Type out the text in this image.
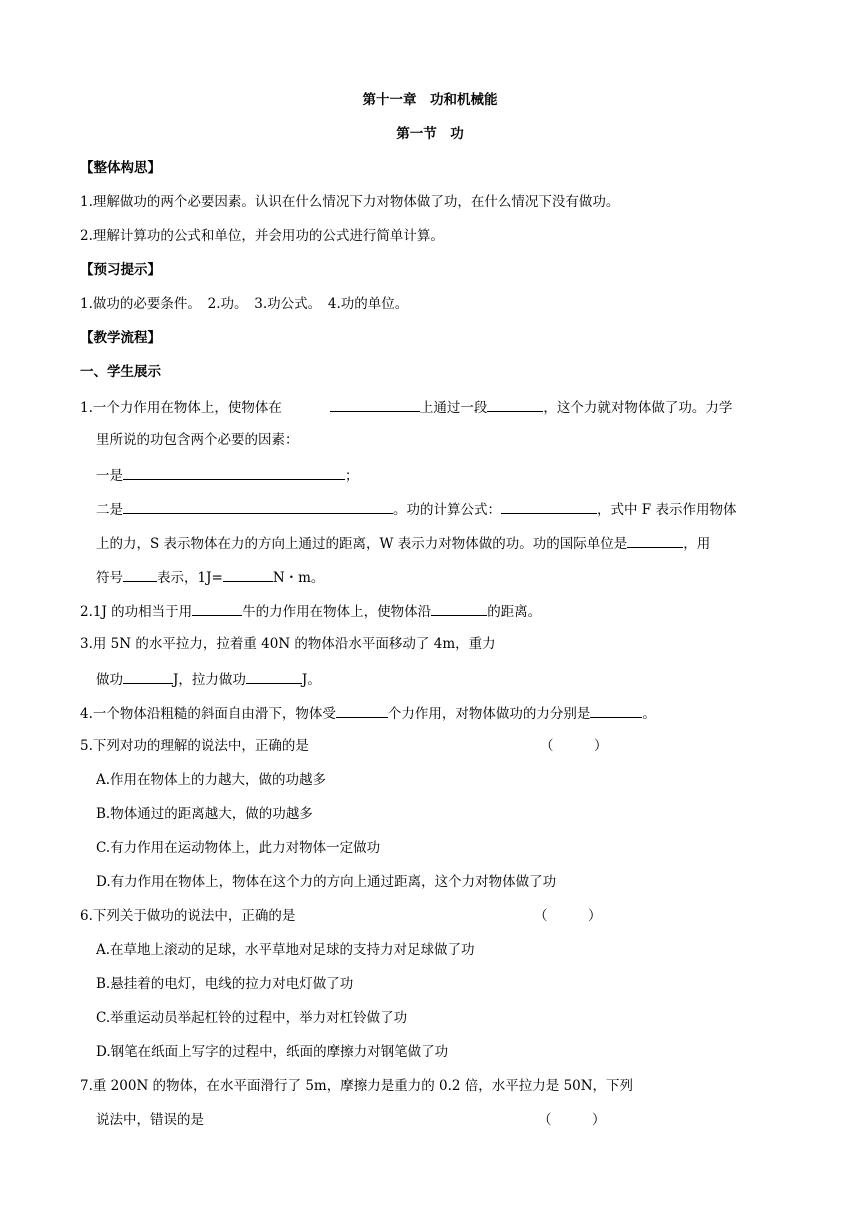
第十一章　功和机械能
第一节　功
【整体构思】
1.理解做功的两个必要因素。认识在什么情况下力对物体做了功，在什么情况下没有做功。
2.理解计算功的公式和单位，并会用功的公式进行简单计算。
【预习提示】
1.做功的必要条件。　2.功。　3.功公式。　4.功的单位。
【教学流程】
一、学生展示
1.一个力作用在物体上，使物体在	上通过一段	，这个力就对物体做了功。力学
里所说的功包含两个必要的因素：
一是	；
二是	。功的计算公式：	，式中 F 表示作用物体
上的力，S 表示物体在力的方向上通过的距离，W 表示力对物体做的功。功的国际单位是	，用
符号	表示，1J=	N・m。
2.1J 的功相当于用	牛的力作用在物体上，使物体沿	的距离。
3.用 5N 的水平拉力，拉着重 40N 的物体沿水平面移动了 4m，重力
做功	J，拉力做功	J。
4.一个物体沿粗糙的斜面自由滑下，物体受	个力作用，对物体做功的力分别是	。
5.下列对功的理解的说法中，正确的是	（　　　）
A.作用在物体上的力越大，做的功越多
B.物体通过的距离越大，做的功越多
C.有力作用在运动物体上，此力对物体一定做功
D.有力作用在物体上，物体在这个力的方向上通过距离，这个力对物体做了功
6.下列关于做功的说法中，正确的是	（　　　）
A.在草地上滚动的足球，水平草地对足球的支持力对足球做了功
B.悬挂着的电灯，电线的拉力对电灯做了功
C.举重运动员举起杠铃的过程中，举力对杠铃做了功
D.钢笔在纸面上写字的过程中，纸面的摩擦力对钢笔做了功
7.重 200N 的物体，在水平面滑行了 5m，摩擦力是重力的 0.2 倍，水平拉力是 50N，下列
说法中，错误的是	（　　　）
